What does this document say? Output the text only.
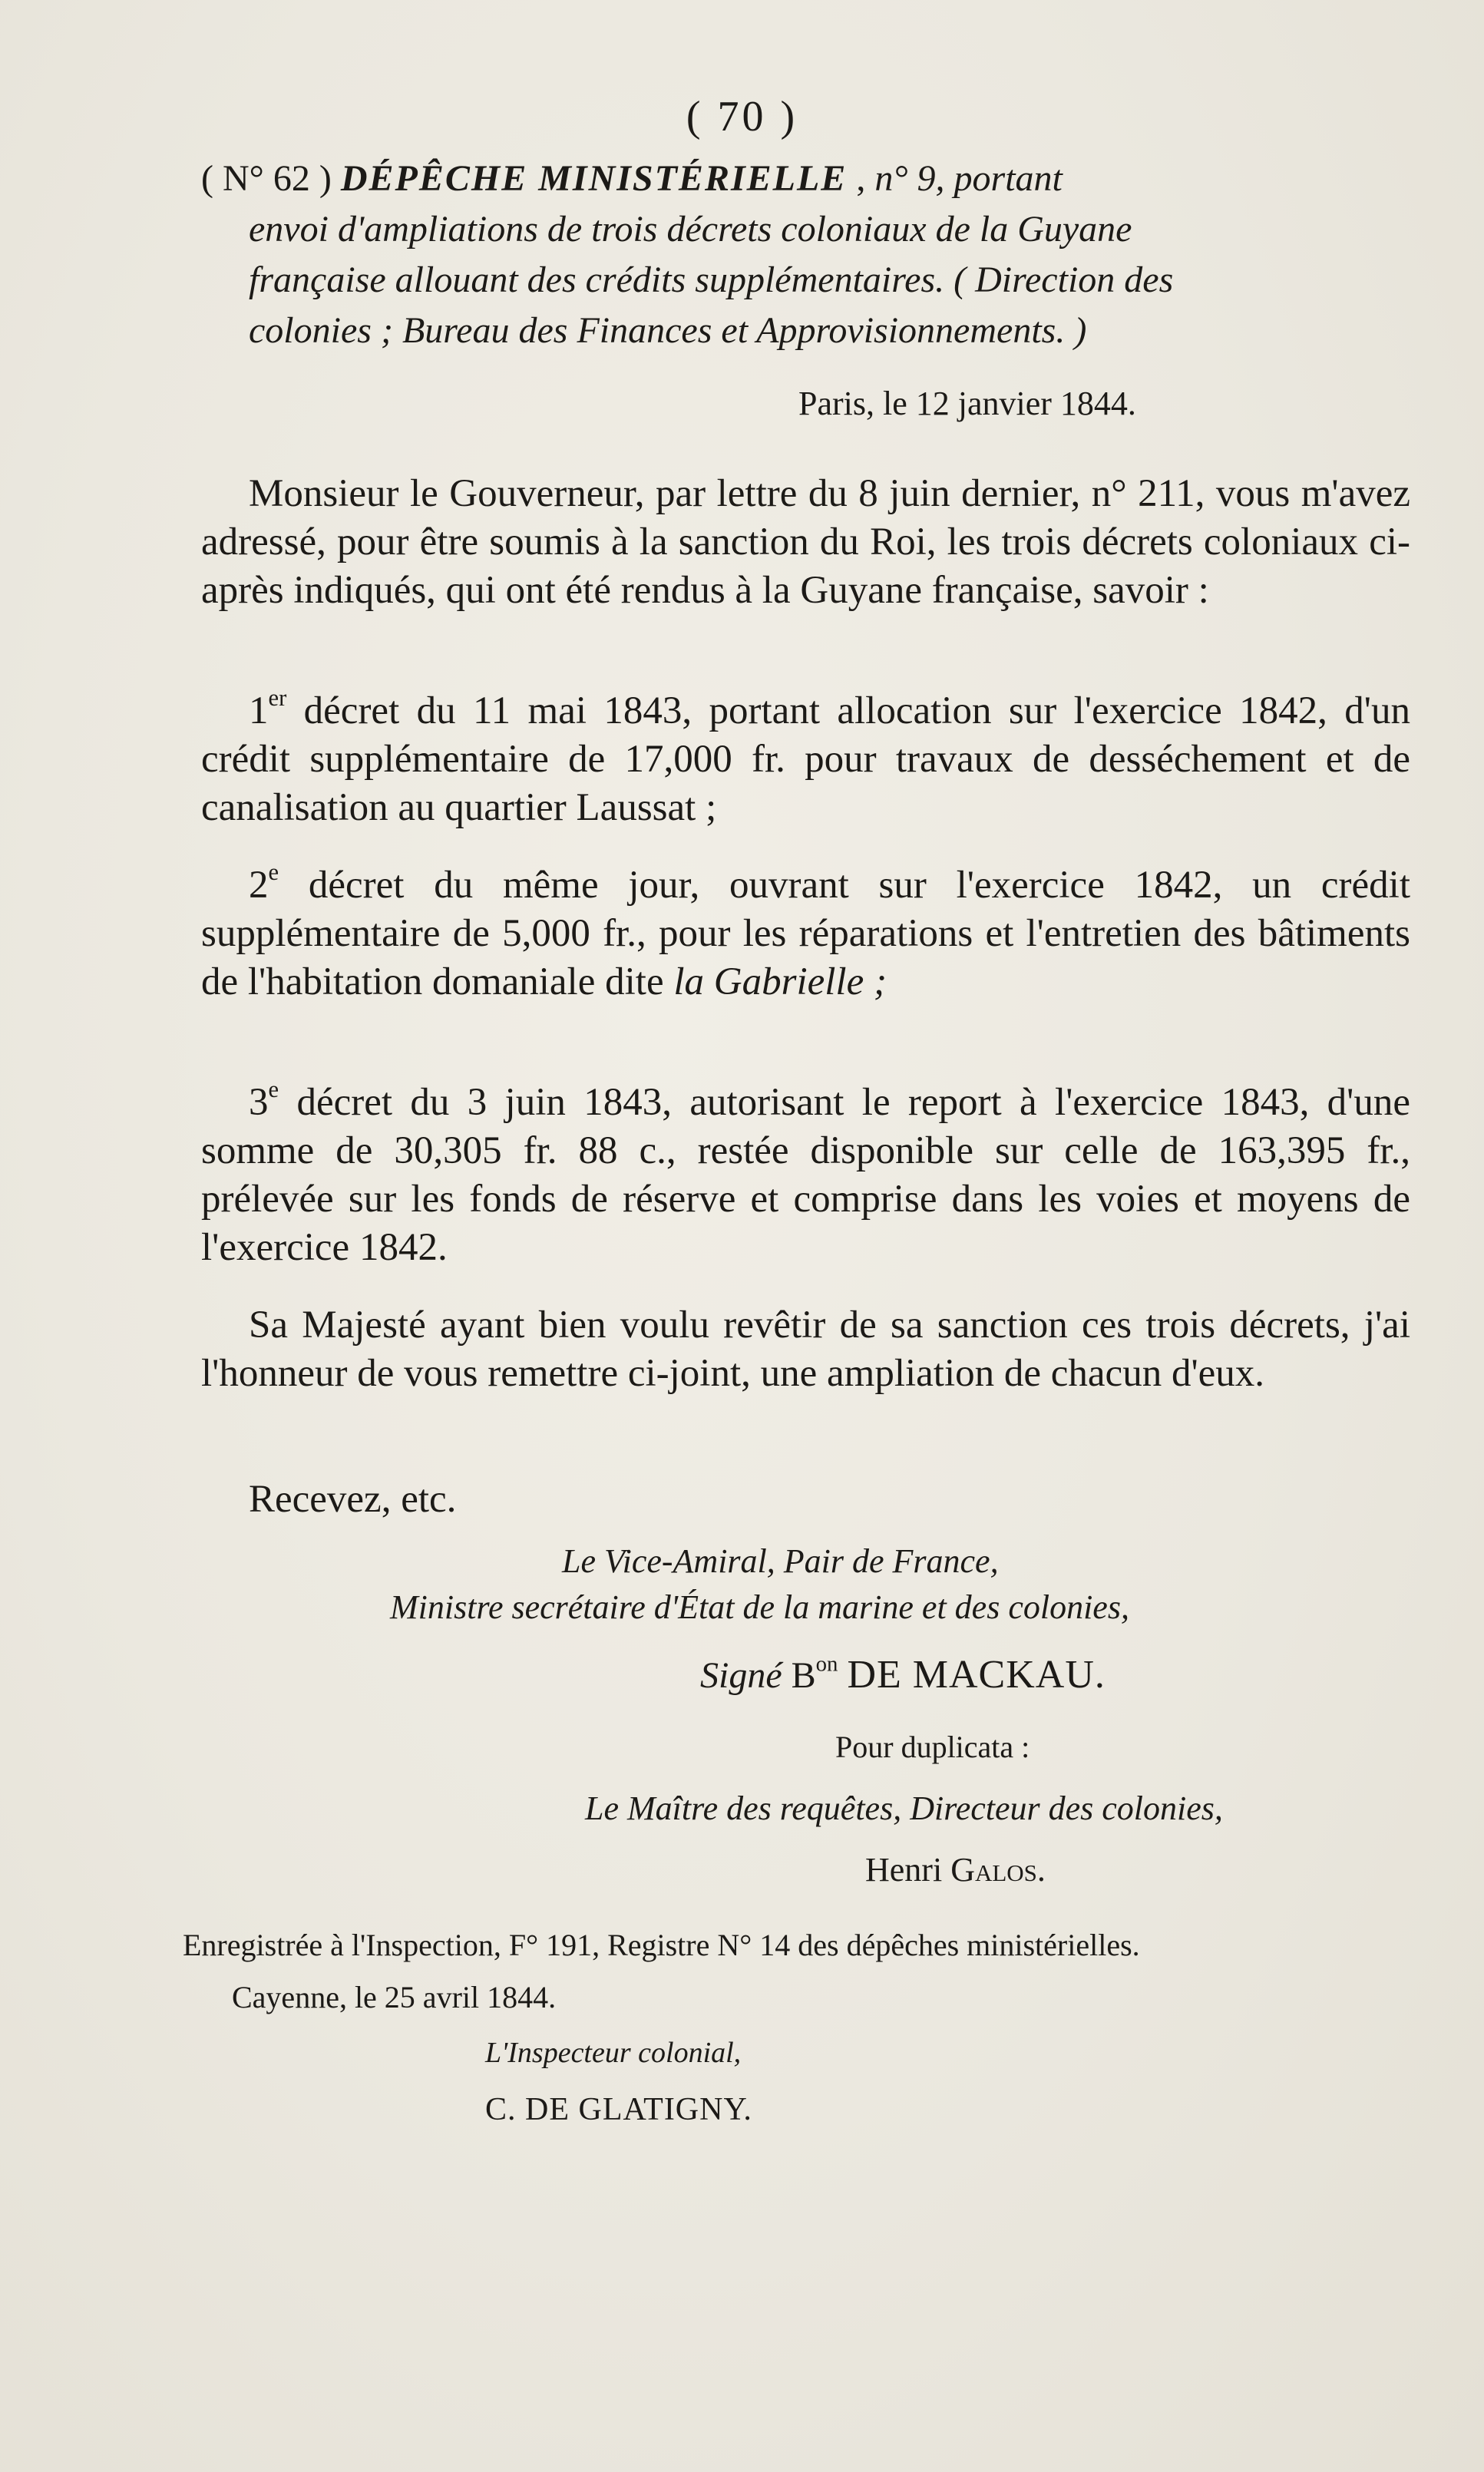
( 70 )
( N° 62 ) DÉPÊCHE MINISTÉRIELLE , n° 9, portant
envoi d'ampliations de trois décrets coloniaux de la Guyane
française allouant des crédits supplémentaires. ( Direction des
colonies ; Bureau des Finances et Approvisionnements. )
Paris, le 12 janvier 1844.

Monsieur le Gouverneur, par lettre du 8 juin dernier, n° 211, vous m'avez adressé, pour être soumis à la sanction du Roi, les trois décrets coloniaux ci-après indiqués, qui ont été rendus à la Guyane française, savoir :

1er décret du 11 mai 1843, portant allocation sur l'exercice 1842, d'un crédit supplémentaire de 17,000 fr. pour travaux de desséchement et de canalisation au quartier Laussat ;

2e décret du même jour, ouvrant sur l'exercice 1842, un crédit supplémentaire de 5,000 fr., pour les réparations et l'entretien des bâtiments de l'habitation domaniale dite la Gabrielle ;

3e décret du 3 juin 1843, autorisant le report à l'exercice 1843, d'une somme de 30,305 fr. 88 c., restée disponible sur celle de 163,395 fr., prélevée sur les fonds de réserve et comprise dans les voies et moyens de l'exercice 1842.

Sa Majesté ayant bien voulu revêtir de sa sanction ces trois décrets, j'ai l'honneur de vous remettre ci-joint, une ampliation de chacun d'eux.

Recevez, etc.

Le Vice-Amiral, Pair de France,
Ministre secrétaire d'État de la marine et des colonies,
Signé $B^{on}$ DE MACKAU.
Pour duplicata :
Le Maître des requêtes, Directeur des colonies,
Henri Galos.
Enregistrée à l'Inspection, F° 191, Registre N° 14 des dépêches ministérielles.
Cayenne, le 25 avril 1844.
L'Inspecteur colonial,
C. DE GLATIGNY.
